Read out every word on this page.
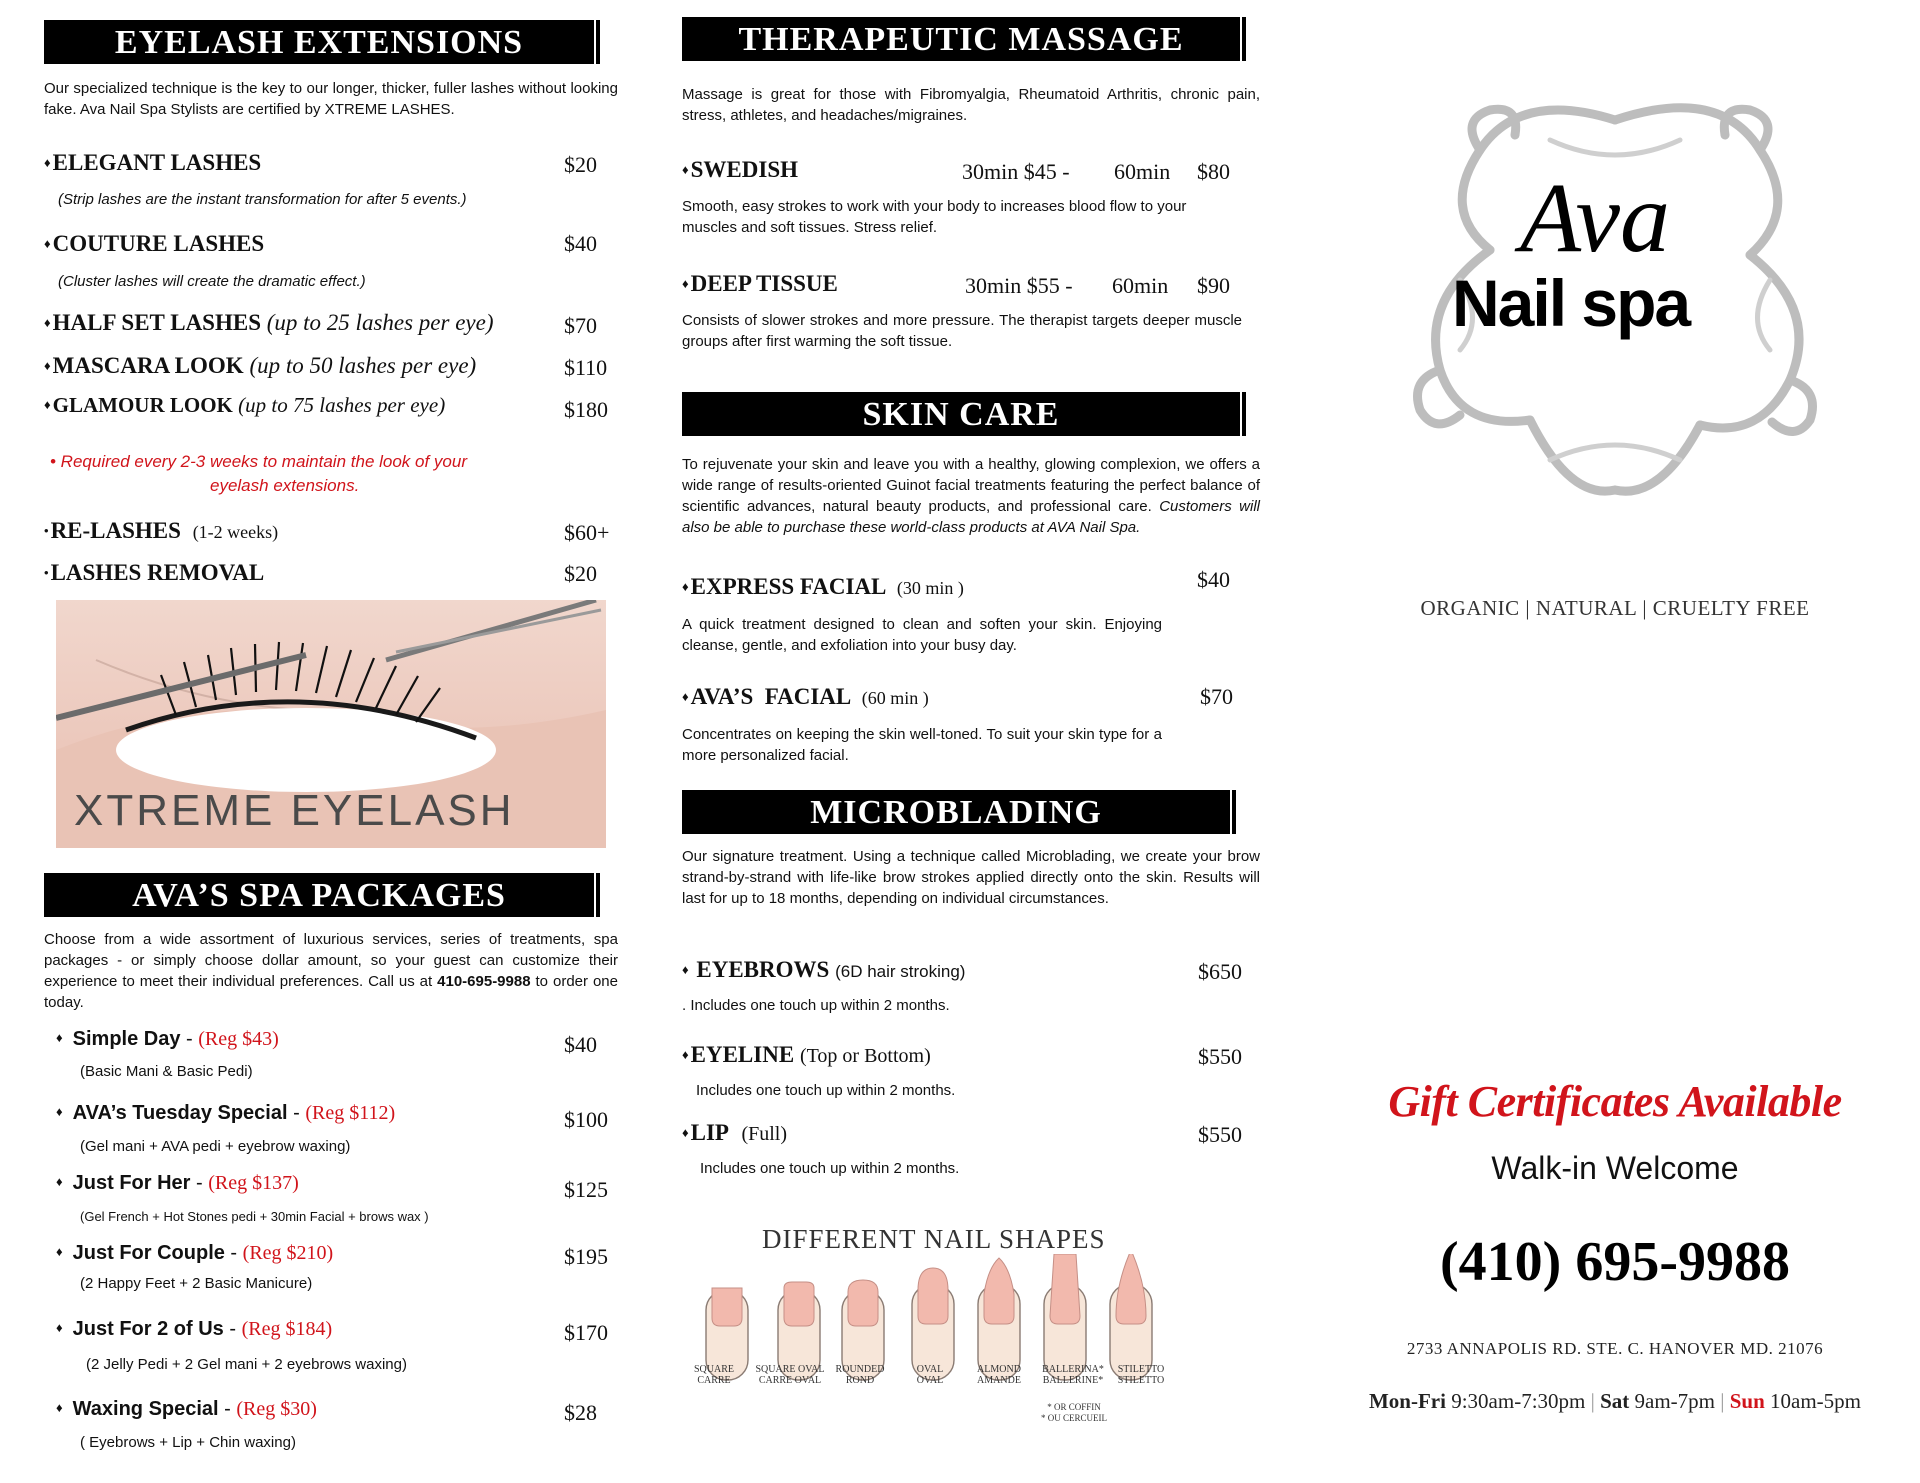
EYELASH EXTENSIONS
Our specialized technique is the key to our longer, thicker, fuller lashes without looking fake. Ava Nail Spa Stylists are certified by XTREME LASHES.
♦ELEGANT LASHES	$20
(Strip lashes are the instant transformation for after 5 events.)
♦COUTURE LASHES	$40
(Cluster lashes will create the dramatic effect.)
♦HALF SET LASHES (up to 25 lashes per eye)	$70
♦MASCARA LOOK (up to 50 lashes per eye)	$110
♦GLAMOUR LOOK (up to 75 lashes per eye)	$180
• Required every 2-3 weeks to maintain the look of your
eyelash extensions.
•RE-LASHES (1-2 weeks)	$60+
•LASHES REMOVAL	$20
XTREME EYELASH
AVA’S SPA PACKAGES
Choose from a wide assortment of luxurious services, series of treatments, spa packages - or simply choose dollar amount, so your guest can customize their experience to meet their individual preferences. Call us at 410-695-9988 to order one today.
♦ Simple Day - (Reg $43)	$40
(Basic Mani & Basic Pedi)
♦ AVA’s Tuesday Special - (Reg $112)	$100
(Gel mani + AVA pedi + eyebrow waxing)
♦ Just For Her - (Reg $137)	$125
(Gel French + Hot Stones pedi + 30min Facial + brows wax )
♦ Just For Couple - (Reg $210)	$195
(2 Happy Feet + 2 Basic Manicure)
♦ Just For 2 of Us - (Reg $184)	$170
(2 Jelly Pedi + 2 Gel mani + 2 eyebrows waxing)
♦ Waxing Special - (Reg $30)	$28
( Eyebrows + Lip + Chin waxing)
THERAPEUTIC MASSAGE
Massage is great for those with Fibromyalgia, Rheumatoid Arthritis, chronic pain, stress, athletes, and headaches/migraines.
♦SWEDISH	30min $45 - 60min $80
Smooth, easy strokes to work with your body to increases blood flow to your muscles and soft tissues. Stress relief.
♦DEEP TISSUE	30min $55 - 60min $90
Consists of slower strokes and more pressure. The therapist targets deeper muscle groups after first warming the soft tissue.
SKIN CARE
To rejuvenate your skin and leave you with a healthy, glowing complexion, we offers a wide range of results-oriented Guinot facial treatments featuring the perfect balance of scientific advances, natural beauty products, and professional care. Customers will also be able to purchase these world-class products at AVA Nail Spa.
♦EXPRESS FACIAL (30 min )	$40
A quick treatment designed to clean and soften your skin. Enjoying cleanse, gentle, and exfoliation into your busy day.
♦AVA’S  FACIAL (60 min )	$70
Concentrates on keeping the skin well-toned. To suit your skin type for a more personalized facial.
MICROBLADING
Our signature treatment. Using a technique called Microblading, we create your brow strand-by-strand with life-like brow strokes applied directly onto the skin. Results will last for up to 18 months, depending on individual circumstances.
♦ EYEBROWS (6D hair stroking)	$650
. Includes one touch up within 2 months.
♦EYELINE (Top or Bottom)	$550
Includes one touch up within 2 months.
♦LIP (Full)	$550
Includes one touch up within 2 months.
DIFFERENT NAIL SHAPES
SQUARE
CARRE
SQUARE OVAL
CARRE OVAL
ROUNDED
ROND
OVAL
OVAL
ALMOND
AMANDE
BALLERINA*
BALLERINE*
STILETTO
STILETTO
* OR COFFIN
* OU CERCUEIL
Ava
Nail spa
ORGANIC | NATURAL | CRUELTY FREE
Gift Certificates Available
Walk-in Welcome
(410) 695-9988
2733 ANNAPOLIS RD. STE. C. HANOVER MD. 21076
Mon-Fri 9:30am-7:30pm | Sat 9am-7pm | Sun 10am-5pm
